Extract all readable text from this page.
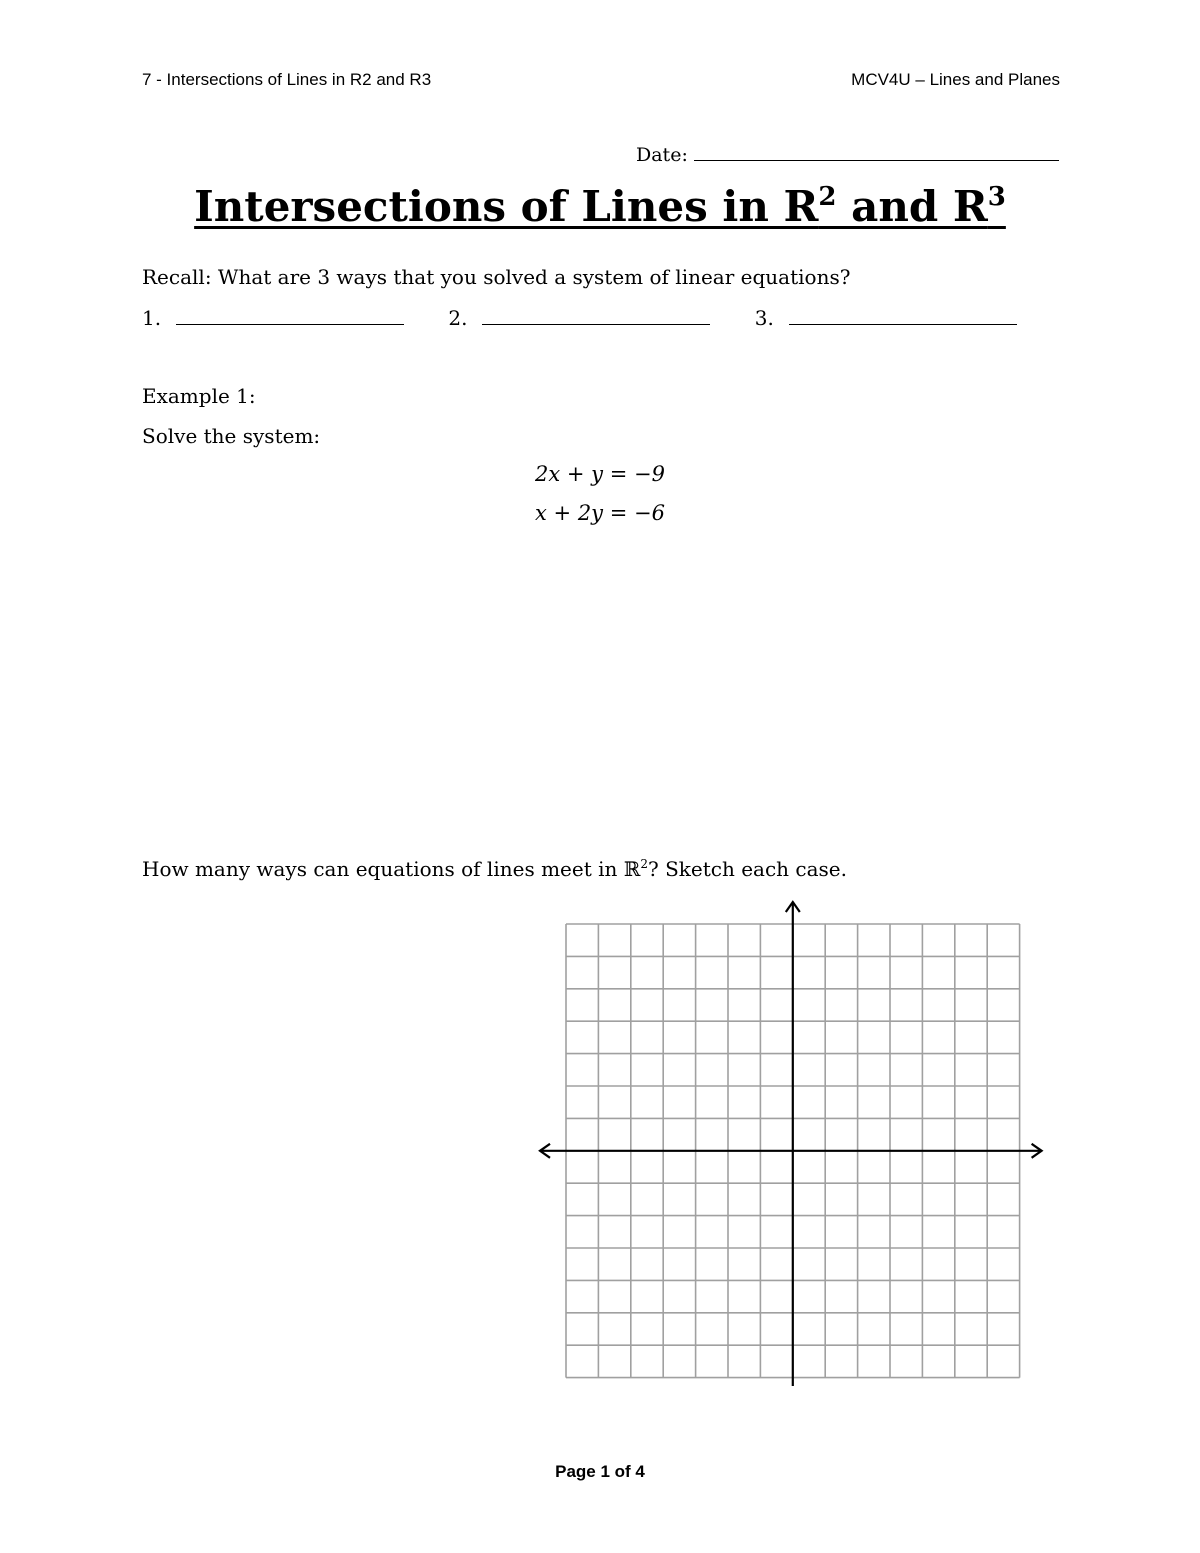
7 - Intersections of Lines in R2 and R3	MCV4U – Lines and Planes
Date:
Intersections of Lines in $R^2$ and $R^3$
Recall: What are 3 ways that you solved a system of linear equations?
1.	2.	3.
Example 1:
Solve the system:
2x + y = −9
x + 2y = −6
How many ways can equations of lines meet in ℝ$^2$? Sketch each case.
Page 1 of 4
